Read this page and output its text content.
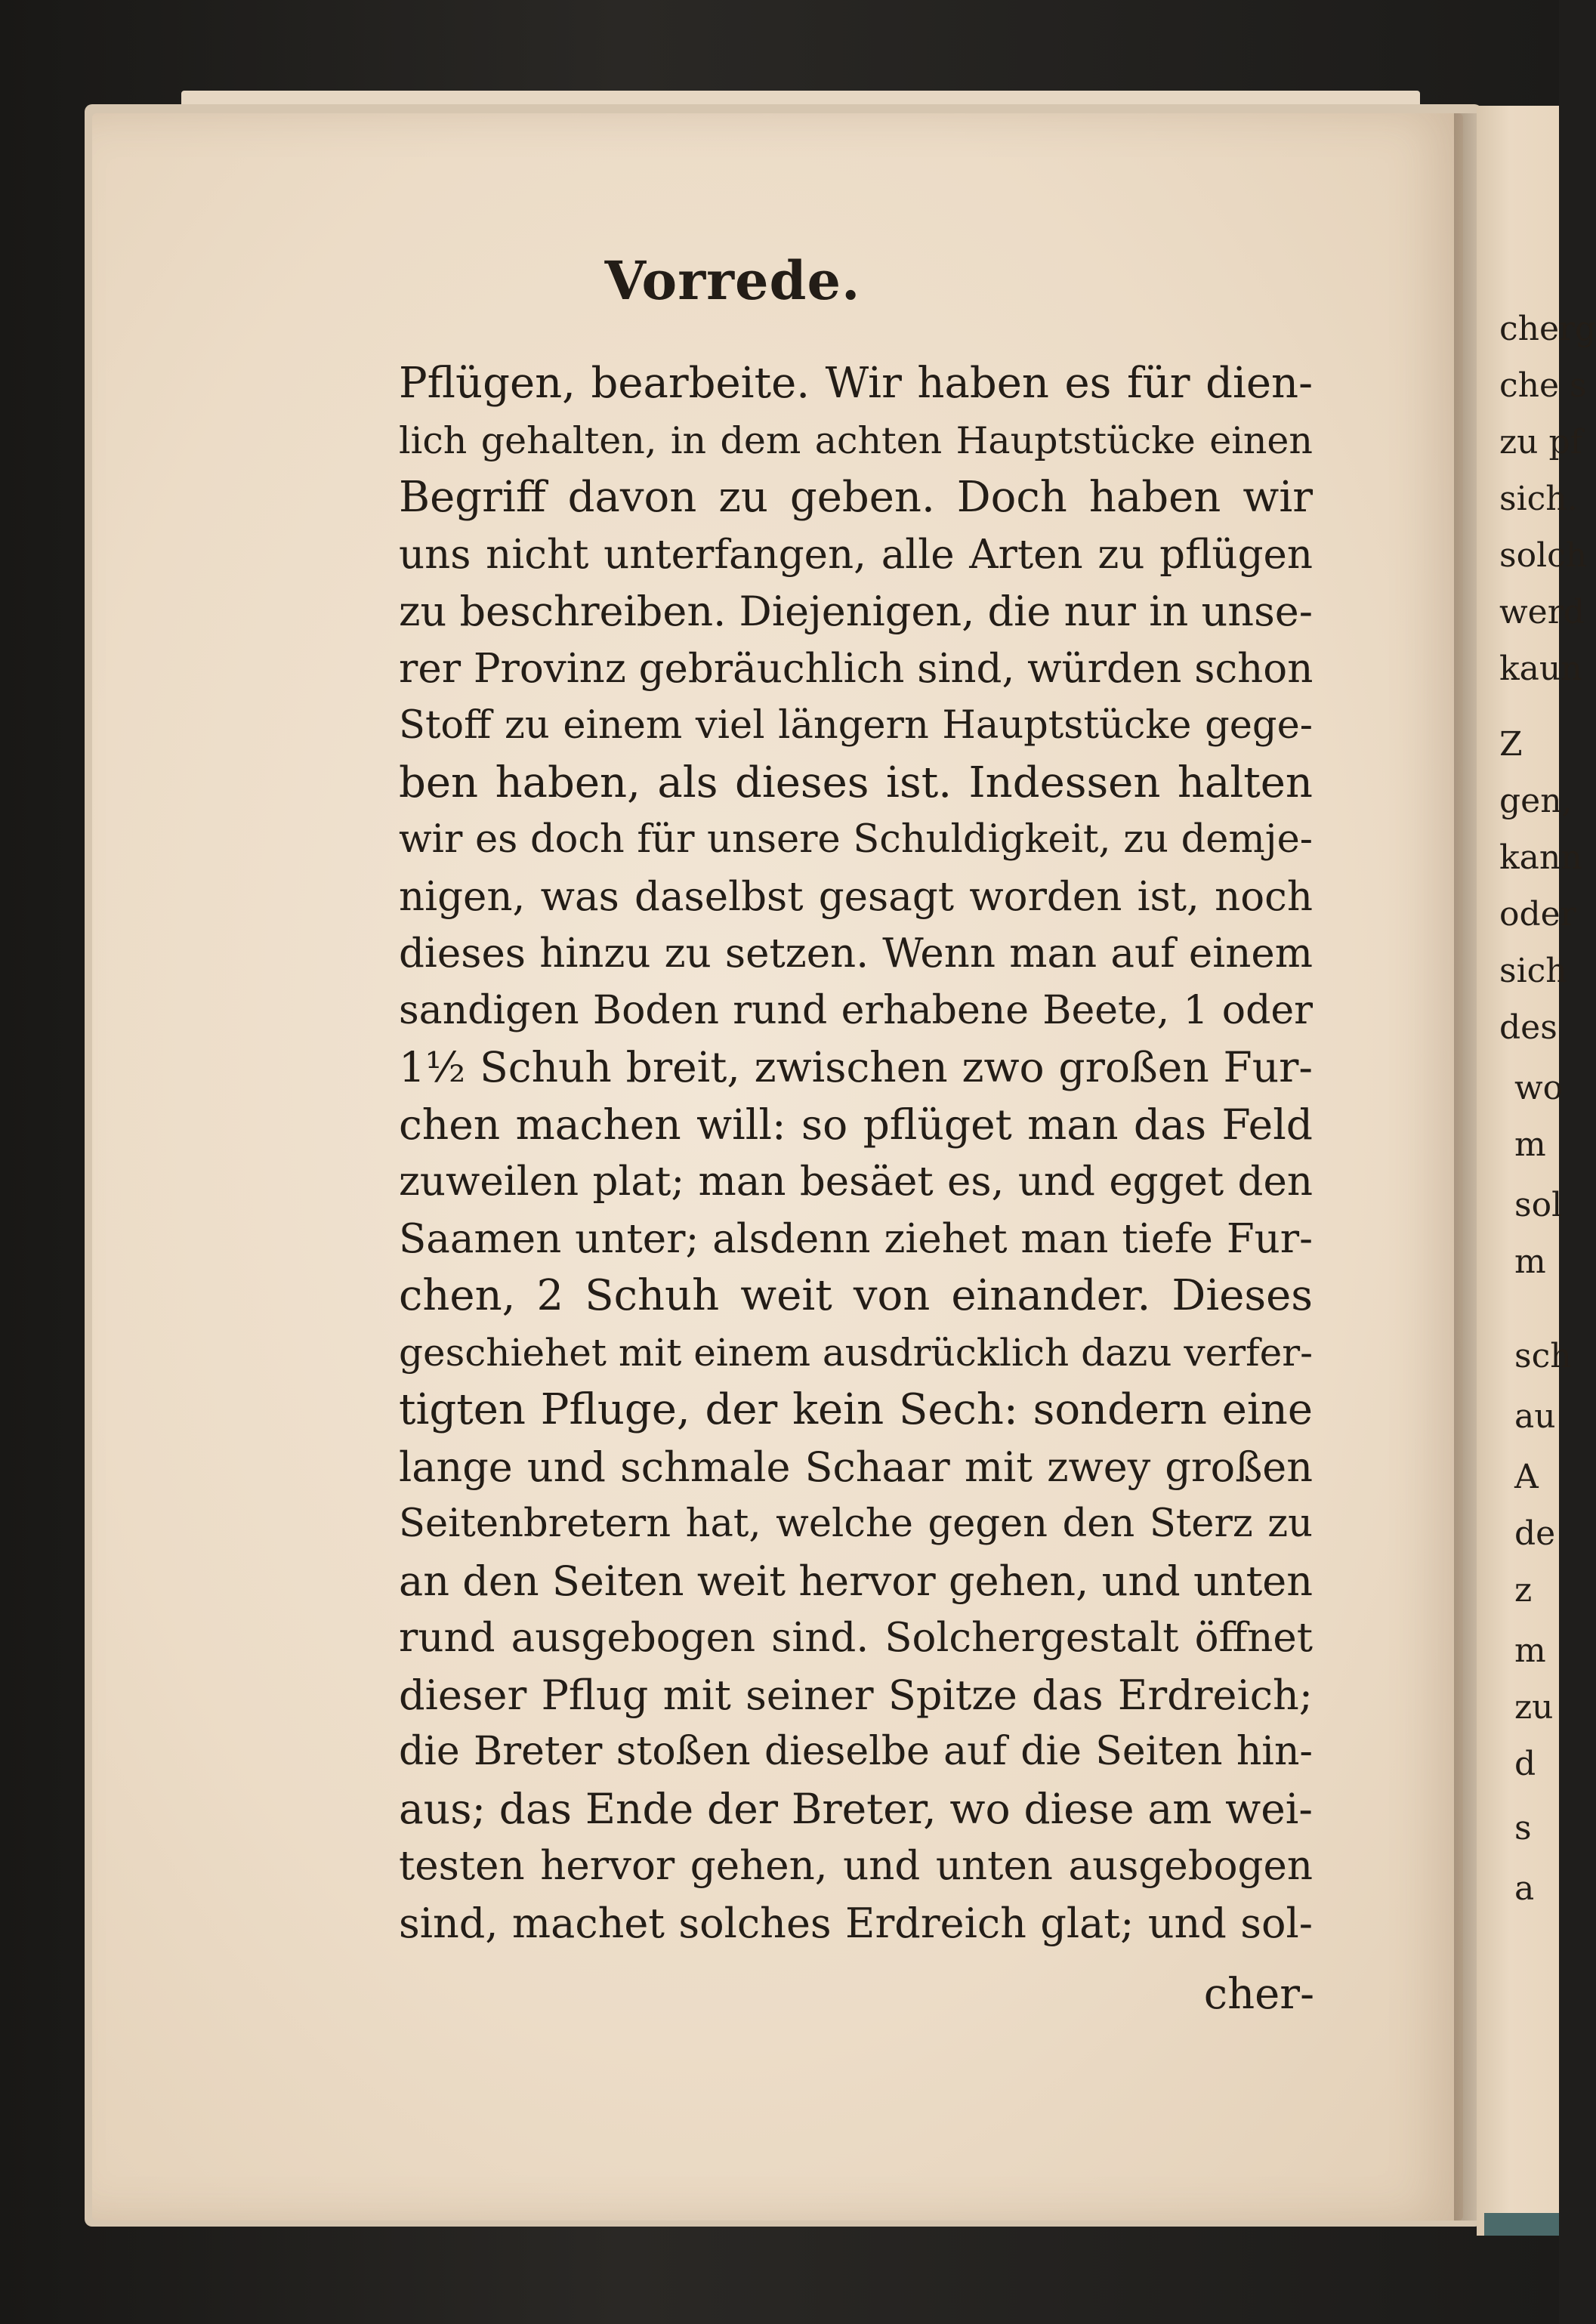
Vorrede.
Pflügen, bearbeite. Wir haben es für dien-
lich gehalten, in dem achten Hauptstücke einen
Begriff davon zu geben. Doch haben wir
uns nicht unterfangen, alle Arten zu pflügen
zu beschreiben. Diejenigen, die nur in unse-
rer Provinz gebräuchlich sind, würden schon
Stoff zu einem viel längern Hauptstücke gege-
ben haben, als dieses ist. Indessen halten
wir es doch für unsere Schuldigkeit, zu demje-
nigen, was daselbst gesagt worden ist, noch
dieses hinzu zu setzen. Wenn man auf einem
sandigen Boden rund erhabene Beete, 1 oder
1½ Schuh breit, zwischen zwo großen Fur-
chen machen will: so pflüget man das Feld
zuweilen plat; man besäet es, und egget den
Saamen unter; alsdenn ziehet man tiefe Fur-
chen, 2 Schuh weit von einander. Dieses
geschiehet mit einem ausdrücklich dazu verfer-
tigten Pfluge, der kein Sech: sondern eine
lange und schmale Schaar mit zwey großen
Seitenbretern hat, welche gegen den Sterz zu
an den Seiten weit hervor gehen, und unten
rund ausgebogen sind. Solchergestalt öffnet
dieser Pflug mit seiner Spitze das Erdreich;
die Breter stoßen dieselbe auf die Seiten hin-
aus; das Ende der Breter, wo diese am wei-
testen hervor gehen, und unten ausgebogen
sind, machet solches Erdreich glat; und sol-
cher-
cherg
che s
zu pf
sich.
solch
werd
kaun
Z
gen,
kann
oder
sich
des
wo
m
sol
m
sch
au
A
de
z
m
zu
d
s
a
